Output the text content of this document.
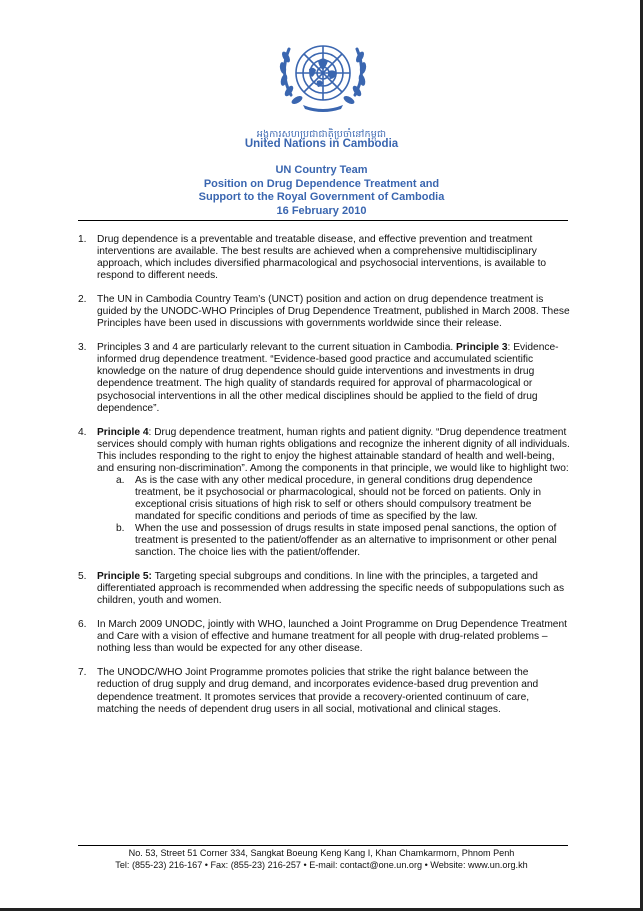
អង្គការសហប្រជាជាតិប្រចាំនៅកម្ពុជា
United Nations in Cambodia
UN Country Team
Position on Drug Dependence Treatment and
Support to the Royal Government of Cambodia
16 February 2010
1. Drug dependence is a preventable and treatable disease, and effective prevention and treatment interventions are available. The best results are achieved when a comprehensive multidisciplinary approach, which includes diversified pharmacological and psychosocial interventions, is available to respond to different needs.
2. The UN in Cambodia Country Team’s (UNCT) position and action on drug dependence treatment is guided by the UNODC-WHO Principles of Drug Dependence Treatment, published in March 2008. These Principles have been used in discussions with governments worldwide since their release.
3. Principles 3 and 4 are particularly relevant to the current situation in Cambodia. Principle 3: Evidence-informed drug dependence treatment. “Evidence-based good practice and accumulated scientific knowledge on the nature of drug dependence should guide interventions and investments in drug dependence treatment. The high quality of standards required for approval of pharmacological or psychosocial interventions in all the other medical disciplines should be applied to the field of drug dependence”.
4. Principle 4: Drug dependence treatment, human rights and patient dignity. “Drug dependence treatment services should comply with human rights obligations and recognize the inherent dignity of all individuals. This includes responding to the right to enjoy the highest attainable standard of health and well-being, and ensuring non-discrimination”. Among the components in that principle, we would like to highlight two:
a. As is the case with any other medical procedure, in general conditions drug dependence treatment, be it psychosocial or pharmacological, should not be forced on patients. Only in exceptional crisis situations of high risk to self or others should compulsory treatment be mandated for specific conditions and periods of time as specified by the law.
b. When the use and possession of drugs results in state imposed penal sanctions, the option of treatment is presented to the patient/offender as an alternative to imprisonment or other penal sanction. The choice lies with the patient/offender.
5. Principle 5: Targeting special subgroups and conditions. In line with the principles, a targeted and differentiated approach is recommended when addressing the specific needs of subpopulations such as children, youth and women.
6. In March 2009 UNODC, jointly with WHO, launched a Joint Programme on Drug Dependence Treatment and Care with a vision of effective and humane treatment for all people with drug-related problems – nothing less than would be expected for any other disease.
7. The UNODC/WHO Joint Programme promotes policies that strike the right balance between the reduction of drug supply and drug demand, and incorporates evidence-based drug prevention and dependence treatment. It promotes services that provide a recovery-oriented continuum of care, matching the needs of dependent drug users in all social, motivational and clinical stages.
No. 53, Street 51 Corner 334, Sangkat Boeung Keng Kang I, Khan Chamkarmorn, Phnom Penh
Tel: (855-23) 216-167 • Fax: (855-23) 216-257 • E-mail: contact@one.un.org • Website: www.un.org.kh
